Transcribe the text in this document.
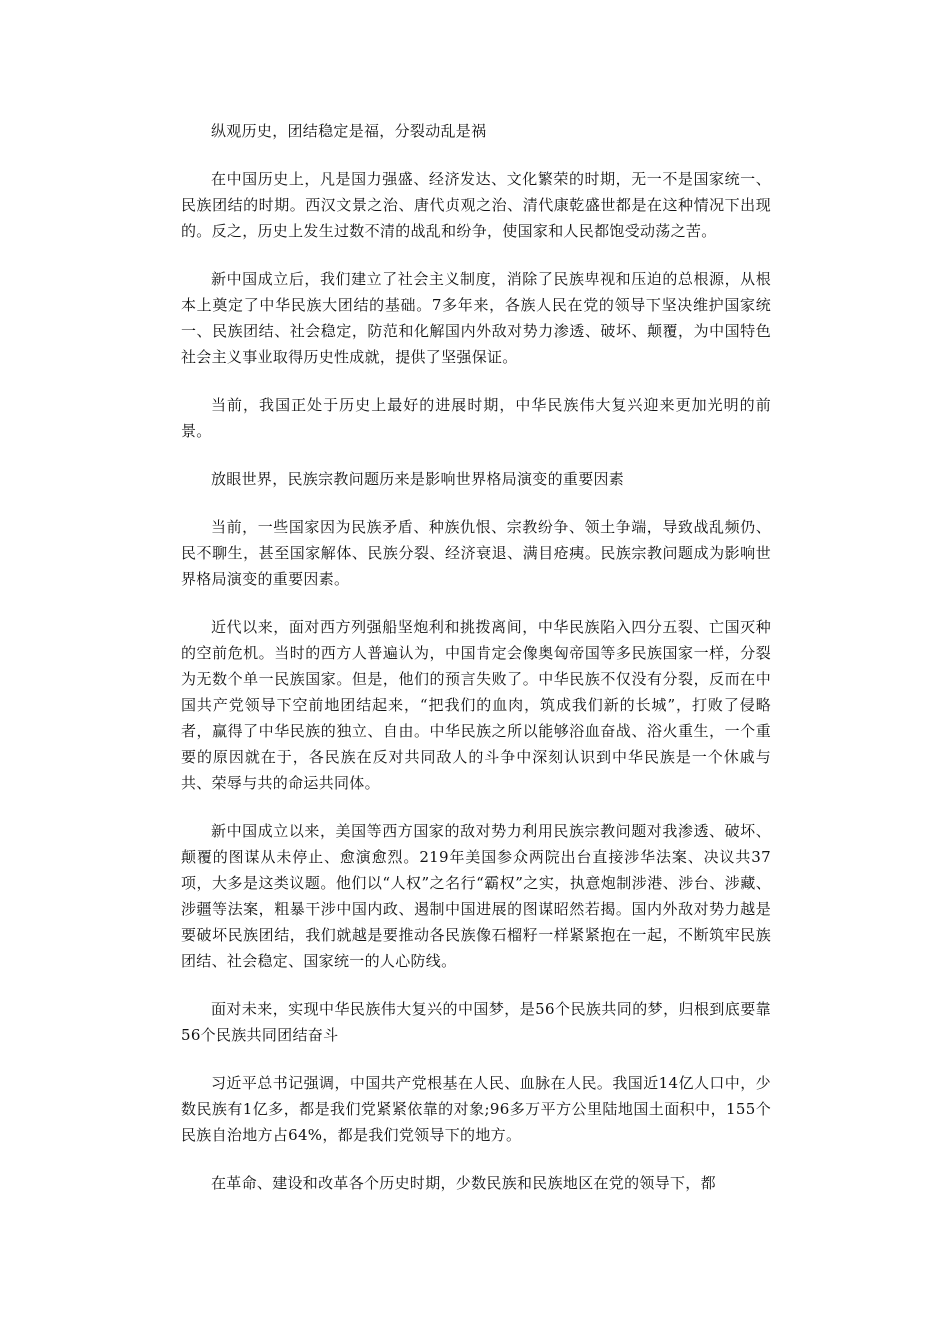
纵观历史，团结稳定是福，分裂动乱是祸

在中国历史上，凡是国力强盛、经济发达、文化繁荣的时期，无一不是国家统一、民族团结的时期。西汉文景之治、唐代贞观之治、清代康乾盛世都是在这种情况下出现的。反之，历史上发生过数不清的战乱和纷争，使国家和人民都饱受动荡之苦。

新中国成立后，我们建立了社会主义制度，消除了民族卑视和压迫的总根源，从根本上奠定了中华民族大团结的基础。7多年来，各族人民在党的领导下坚决维护国家统一、民族团结、社会稳定，防范和化解国内外敌对势力渗透、破坏、颠覆，为中国特色社会主义事业取得历史性成就，提供了坚强保证。

当前，我国正处于历史上最好的进展时期，中华民族伟大复兴迎来更加光明的前景。

放眼世界，民族宗教问题历来是影响世界格局演变的重要因素

当前，一些国家因为民族矛盾、种族仇恨、宗教纷争、领土争端，导致战乱频仍、民不聊生，甚至国家解体、民族分裂、经济衰退、满目疮痍。民族宗教问题成为影响世界格局演变的重要因素。

近代以来，面对西方列强船坚炮利和挑拨离间，中华民族陷入四分五裂、亡国灭种的空前危机。当时的西方人普遍认为，中国肯定会像奥匈帝国等多民族国家一样，分裂为无数个单一民族国家。但是，他们的预言失败了。中华民族不仅没有分裂，反而在中国共产党领导下空前地团结起来，“把我们的血肉，筑成我们新的长城”，打败了侵略者，赢得了中华民族的独立、自由。中华民族之所以能够浴血奋战、浴火重生，一个重要的原因就在于，各民族在反对共同敌人的斗争中深刻认识到中华民族是一个休戚与共、荣辱与共的命运共同体。

新中国成立以来，美国等西方国家的敌对势力利用民族宗教问题对我渗透、破坏、颠覆的图谋从未停止、愈演愈烈。219年美国参众两院出台直接涉华法案、决议共37项，大多是这类议题。他们以“人权”之名行“霸权”之实，执意炮制涉港、涉台、涉藏、涉疆等法案，粗暴干涉中国内政、遏制中国进展的图谋昭然若揭。国内外敌对势力越是要破坏民族团结，我们就越是要推动各民族像石榴籽一样紧紧抱在一起，不断筑牢民族团结、社会稳定、国家统一的人心防线。

面对未来，实现中华民族伟大复兴的中国梦，是56个民族共同的梦，归根到底要靠56个民族共同团结奋斗

习近平总书记强调，中国共产党根基在人民、血脉在人民。我国近14亿人口中，少数民族有1亿多，都是我们党紧紧依靠的对象;96多万平方公里陆地国土面积中，155个民族自治地方占64%，都是我们党领导下的地方。

在革命、建设和改革各个历史时期，少数民族和民族地区在党的领导下，都
